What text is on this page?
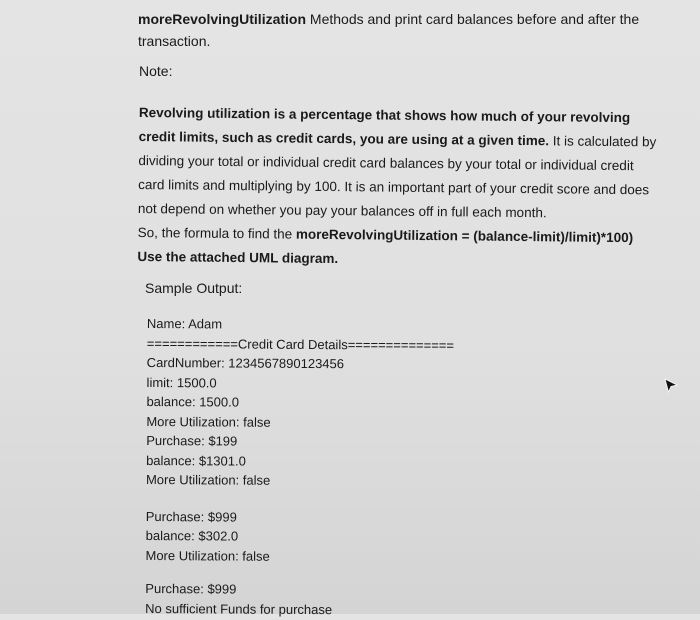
moreRevolvingUtilization Methods and print card balances before and after the
transaction.
Note:

Revolving utilization is a percentage that shows how much of your revolving credit limits, such as credit cards, you are using at a given time. It is calculated by dividing your total or individual credit card balances by your total or individual credit card limits and multiplying by 100. It is an important part of your credit score and does not depend on whether you pay your balances off in full each month.

So, the formula to find the moreRevolvingUtilization = (balance-limit)/limit)*100)

Use the attached UML diagram.

Sample Output:
Name: Adam
============Credit Card Details==============
CardNumber: 1234567890123456
limit: 1500.0
balance: 1500.0
More Utilization: false
Purchase: $199
balance: $1301.0
More Utilization: false
Purchase: $999
balance: $302.0
More Utilization: false
Purchase: $999
No sufficient Funds for purchase
